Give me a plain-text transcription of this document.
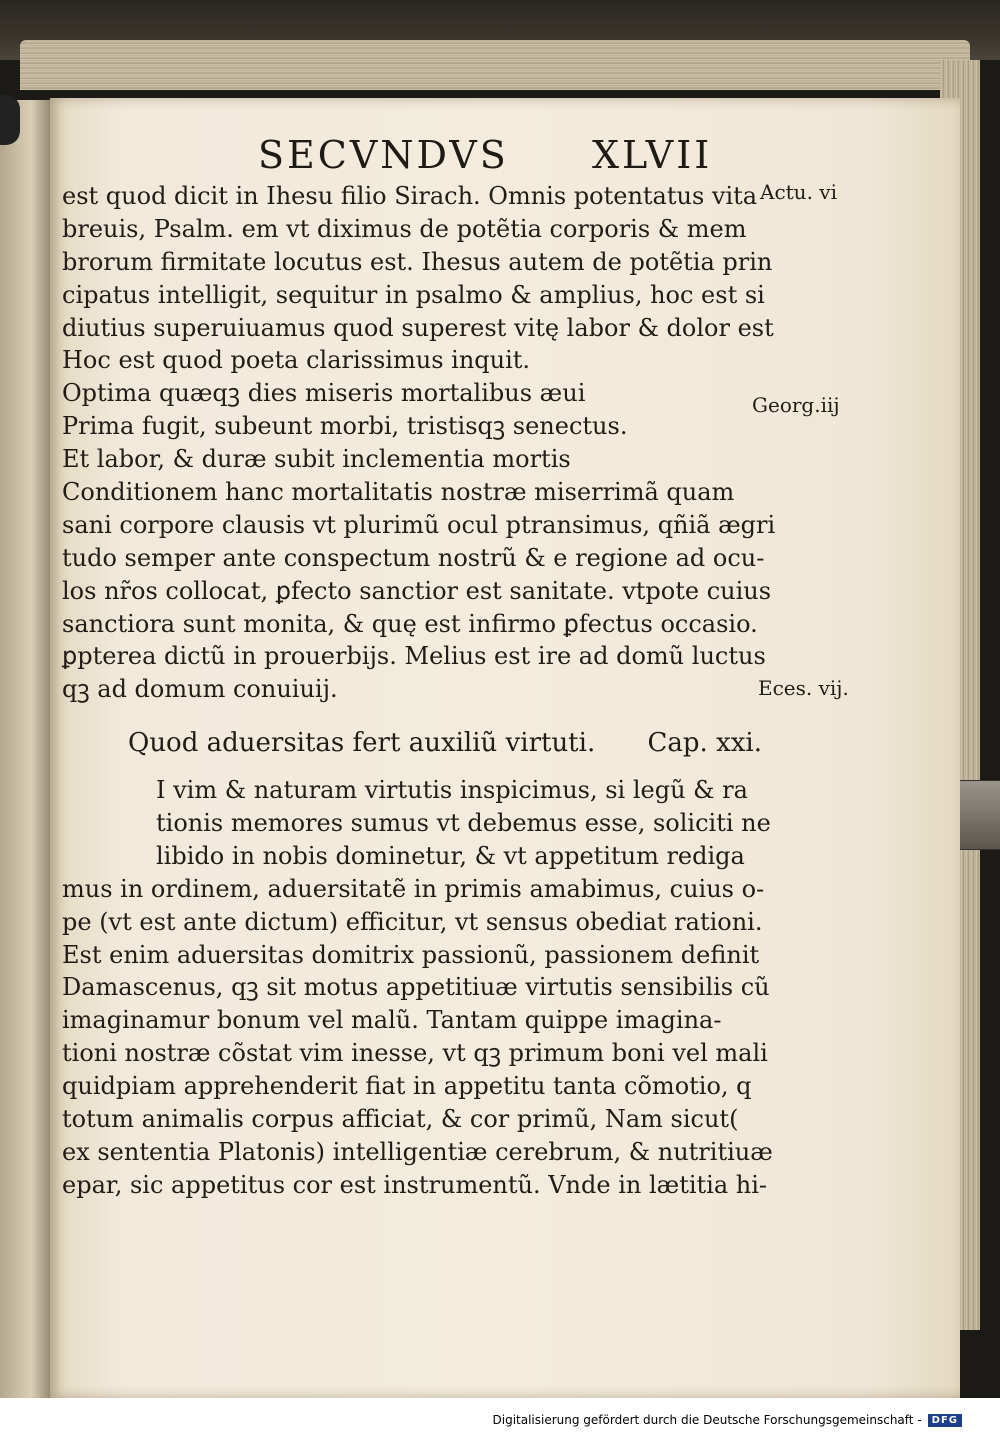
SECVNDVS XLVII
Actu. vi
Georg.iij
Eces. vij.
est quod dicit in Ihesu filio Sirach. Omnis potentatus vita
breuis, Psalm. em vt diximus de potẽtia corporis & mem
brorum firmitate locutus est. Ihesus autem de potẽtia prin
cipatus intelligit, sequitur in psalmo & amplius, hoc est si
diutius superuiuamus quod superest vitę labor & dolor est
Hoc est quod poeta clarissimus inquit.
Optima quæqꝫ dies miseris mortalibus æui
Prima fugit, subeunt morbi, tristisqꝫ senectus.
Et labor, & duræ subit inclementia mortis
Conditionem hanc mortalitatis nostræ miserrimã quam
sani corpore clausis vt plurimũ ocul ptransimus, qñiã ægri
tudo semper ante conspectum nostrũ & e regione ad ocu-
los nr̃os collocat, ꝑfecto sanctior est sanitate. vtpote cuius
sanctiora sunt monita, & quę est infirmo ꝑfectus occasio.
ꝑpterea dictũ in prouerbijs. Melius est ire ad domũ luctus
qꝫ ad domum conuiuij.
Quod aduersitas fert auxiliũ virtuti. Cap. xxi.
I vim & naturam virtutis inspicimus, si legũ & ra
tionis memores sumus vt debemus esse, soliciti ne
libido in nobis dominetur, & vt appetitum rediga
mus in ordinem, aduersitatẽ in primis amabimus, cuius o-
pe (vt est ante dictum) efficitur, vt sensus obediat rationi.
Est enim aduersitas domitrix passionũ, passionem definit
Damascenus, qꝫ sit motus appetitiuæ virtutis sensibilis cũ
imaginamur bonum vel malũ. Tantam quippe imagina-
tioni nostræ cõstat vim inesse, vt qꝫ primum boni vel mali
quidpiam apprehenderit fiat in appetitu tanta cõmotio, q
totum animalis corpus afficiat, & cor primũ, Nam sicut(
ex sententia Platonis) intelligentiæ cerebrum, & nutritiuæ
epar, sic appetitus cor est instrumentũ. Vnde in lætitia hi-
Digitalisierung gefördert durch die Deutsche Forschungsgemeinschaft -	DFG
